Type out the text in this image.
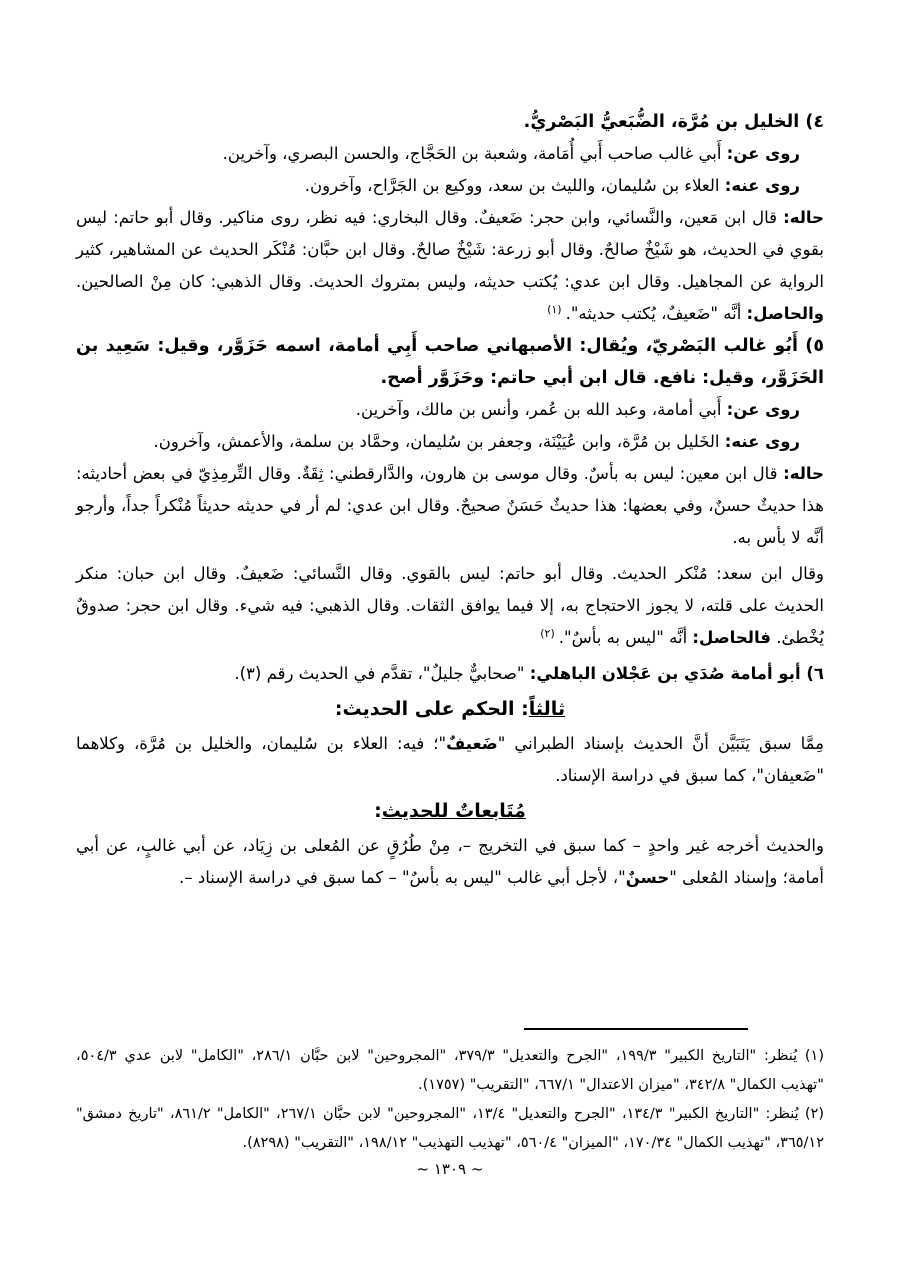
٤) الخليل بن مُرَّة، الضُّبَعيُّ البَصْريُّ.

روى عن: أَبي غالب صاحب أَبي أُمَامة، وشعبة بن الحَجَّاج، والحسن البصري، وآخرين.

روى عنه: العلاء بن سُليمان، والليث بن سعد، ووكيع بن الجَرَّاح، وآخرون.

حاله: قال ابن مَعين، والنَّسائي، وابن حجر: ضَعيفٌ. وقال البخاري: فيه نظر، روى مناكير. وقال أبو حاتم: ليس بقوي في الحديث، هو شَيْخٌ صالحٌ. وقال أبو زرعة: شَيْخٌ صالحٌ. وقال ابن حبَّان: مُنْكَر الحديث عن المشاهير، كثير الرواية عن المجاهيل. وقال ابن عدي: يُكتب حديثه، وليس بمتروك الحديث. وقال الذهبي: كان مِنْ الصالحين. والحاصل: أنَّه "ضَعيفٌ، يُكتب حديثه".$^{(١)}$

٥) أَبُو غالب البَصْريّ، ويُقال: الأصبهاني صاحب أَبِي أمامة، اسمه حَزَوَّر، وقيل: سَعِيد بن الحَزَوَّر، وقيل: نافع. قال ابن أبي حاتم: وحَزَوَّر أصح.

روى عن: أَبي أمامة، وعبد الله بن عُمر، وأنس بن مالك، وآخرين.

روى عنه: الخَليل بن مُرَّة، وابن عُيَيْنَة، وجعفر بن سُليمان، وحمَّاد بن سلمة، والأعمش، وآخرون.

حاله: قال ابن معين: ليس به بأسٌ. وقال موسى بن هارون، والدَّارقطني: ثِقَةٌ. وقال التِّرمِذِيّ في بعض أحاديثه: هذا حديثٌ حسنٌ، وفي بعضها: هذا حديثٌ حَسَنٌ صحيحٌ. وقال ابن عدي: لم أر في حديثه حديثاً مُنْكراً جداً، وأرجو أنَّه لا بأس به.

وقال ابن سعد: مُنْكر الحديث. وقال أبو حاتم: ليس بالقوي. وقال النَّسائي: ضَعيفٌ. وقال ابن حبان: منكر الحديث على قلته، لا يجوز الاحتجاج به، إلا فيما يوافق الثقات. وقال الذهبي: فيه شيء. وقال ابن حجر: صدوقٌ يُخْطئ. فالحاصل: أنَّه "ليس به بأسٌ".$^{(٢)}$

٦) أبو أمامة صُدَي بن عَجْلان الباهلي: "صحابيٌّ جليلٌ"، تقدَّم في الحديث رقم (٣).

ثالثاً: الحكم على الحديث:

مِمَّا سبق يَتَبَيَّن أنَّ الحديث بإسناد الطبراني "ضَعيفٌ"؛ فيه: العلاء بن سُليمان، والخليل بن مُرَّة، وكلاهما "ضَعيفان"، كما سبق في دراسة الإسناد.

مُتَابعاتٌ للحديث:

والحديث أخرجه غير واحدٍ – كما سبق في التخريج –، مِنْ طُرُقٍ عن المُعلى بن زِيَاد، عن أبي غالبٍ، عن أبي أمامة؛ وإسناد المُعلى "حسنٌ"، لأجل أبي غالب "ليس به بأسٌ" – كما سبق في دراسة الإسناد –.

(١) يُنظر: "التاريخ الكبير" ١٩٩/٣، "الجرح والتعديل" ٣٧٩/٣، "المجروحين" لابن حبَّان ٢٨٦/١، "الكامل" لابن عدي ٥٠٤/٣، "تهذيب الكمال" ٣٤٢/٨، "ميزان الاعتدال" ٦٦٧/١، "التقريب" (١٧٥٧).

(٢) يُنظر: "التاريخ الكبير" ١٣٤/٣، "الجرح والتعديل" ١٣/٤، "المجروحين" لابن حبَّان ٢٦٧/١، "الكامل" ٨٦١/٢، "تاريخ دمشق" ٣٦٥/١٢، "تهذيب الكمال" ١٧٠/٣٤، "الميزان" ٥٦٠/٤، "تهذيب التهذيب" ١٩٨/١٢، "التقريب" (٨٢٩٨).

~ ١٣٠٩ ~
